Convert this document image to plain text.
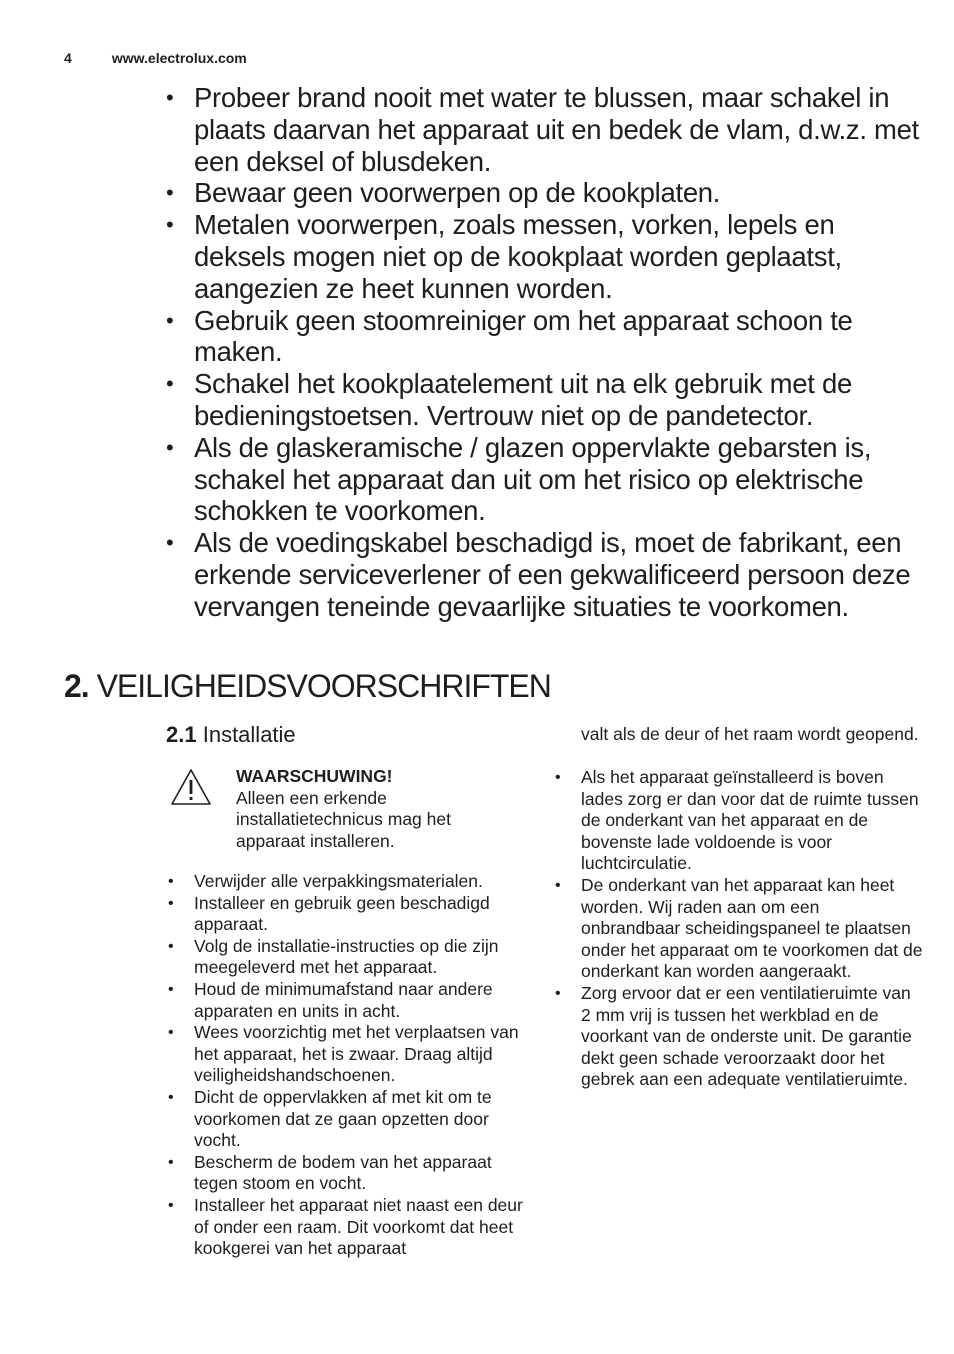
4	www.electrolux.com
• Probeer brand nooit met water te blussen, maar schakel in plaats daarvan het apparaat uit en bedek de vlam, d.w.z. met een deksel of blusdeken.
• Bewaar geen voorwerpen op de kookplaten.
• Metalen voorwerpen, zoals messen, vorken, lepels en deksels mogen niet op de kookplaat worden geplaatst, aangezien ze heet kunnen worden.
• Gebruik geen stoomreiniger om het apparaat schoon te maken.
• Schakel het kookplaatelement uit na elk gebruik met de bedieningstoetsen. Vertrouw niet op de pandetector.
• Als de glaskeramische / glazen oppervlakte gebarsten is, schakel het apparaat dan uit om het risico op elektrische schokken te voorkomen.
• Als de voedingskabel beschadigd is, moet de fabrikant, een erkende serviceverlener of een gekwalificeerd persoon deze vervangen teneinde gevaarlijke situaties te voorkomen.
2. VEILIGHEIDSVOORSCHRIFTEN
2.1 Installatie
WAARSCHUWING!
Alleen een erkende installatietechnicus mag het apparaat installeren.
• Verwijder alle verpakkingsmaterialen.
• Installeer en gebruik geen beschadigd apparaat.
• Volg de installatie-instructies op die zijn meegeleverd met het apparaat.
• Houd de minimumafstand naar andere apparaten en units in acht.
• Wees voorzichtig met het verplaatsen van het apparaat, het is zwaar. Draag altijd veiligheidshandschoenen.
• Dicht de oppervlakken af met kit om te voorkomen dat ze gaan opzetten door vocht.
• Bescherm de bodem van het apparaat tegen stoom en vocht.
• Installeer het apparaat niet naast een deur of onder een raam. Dit voorkomt dat heet kookgerei van het apparaat
valt als de deur of het raam wordt geopend.
• Als het apparaat geïnstalleerd is boven lades zorg er dan voor dat de ruimte tussen de onderkant van het apparaat en de bovenste lade voldoende is voor luchtcirculatie.
• De onderkant van het apparaat kan heet worden. Wij raden aan om een onbrandbaar scheidingspaneel te plaatsen onder het apparaat om te voorkomen dat de onderkant kan worden aangeraakt.
• Zorg ervoor dat er een ventilatieruimte van 2 mm vrij is tussen het werkblad en de voorkant van de onderste unit. De garantie dekt geen schade veroorzaakt door het gebrek aan een adequate ventilatieruimte.
